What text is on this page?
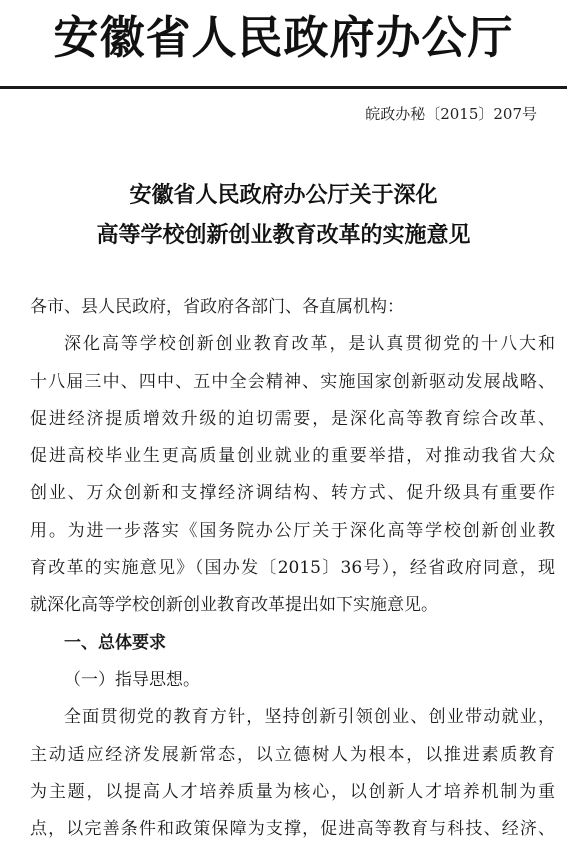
安徽省人民政府办公厅
皖政办秘〔2015〕207号
安徽省人民政府办公厅关于深化
高等学校创新创业教育改革的实施意见
各市、县人民政府，省政府各部门、各直属机构：
深化高等学校创新创业教育改革，是认真贯彻党的十八大和
十八届三中、四中、五中全会精神、实施国家创新驱动发展战略、
促进经济提质增效升级的迫切需要，是深化高等教育综合改革、
促进高校毕业生更高质量创业就业的重要举措，对推动我省大众
创业、万众创新和支撑经济调结构、转方式、促升级具有重要作
用。为进一步落实《国务院办公厅关于深化高等学校创新创业教
育改革的实施意见》（国办发〔2015〕36号），经省政府同意，现
就深化高等学校创新创业教育改革提出如下实施意见。
一、总体要求
（一）指导思想。
全面贯彻党的教育方针，坚持创新引领创业、创业带动就业，
主动适应经济发展新常态，以立德树人为根本，以推进素质教育
为主题，以提高人才培养质量为核心，以创新人才培养机制为重
点，以完善条件和政策保障为支撑，促进高等教育与科技、经济、
